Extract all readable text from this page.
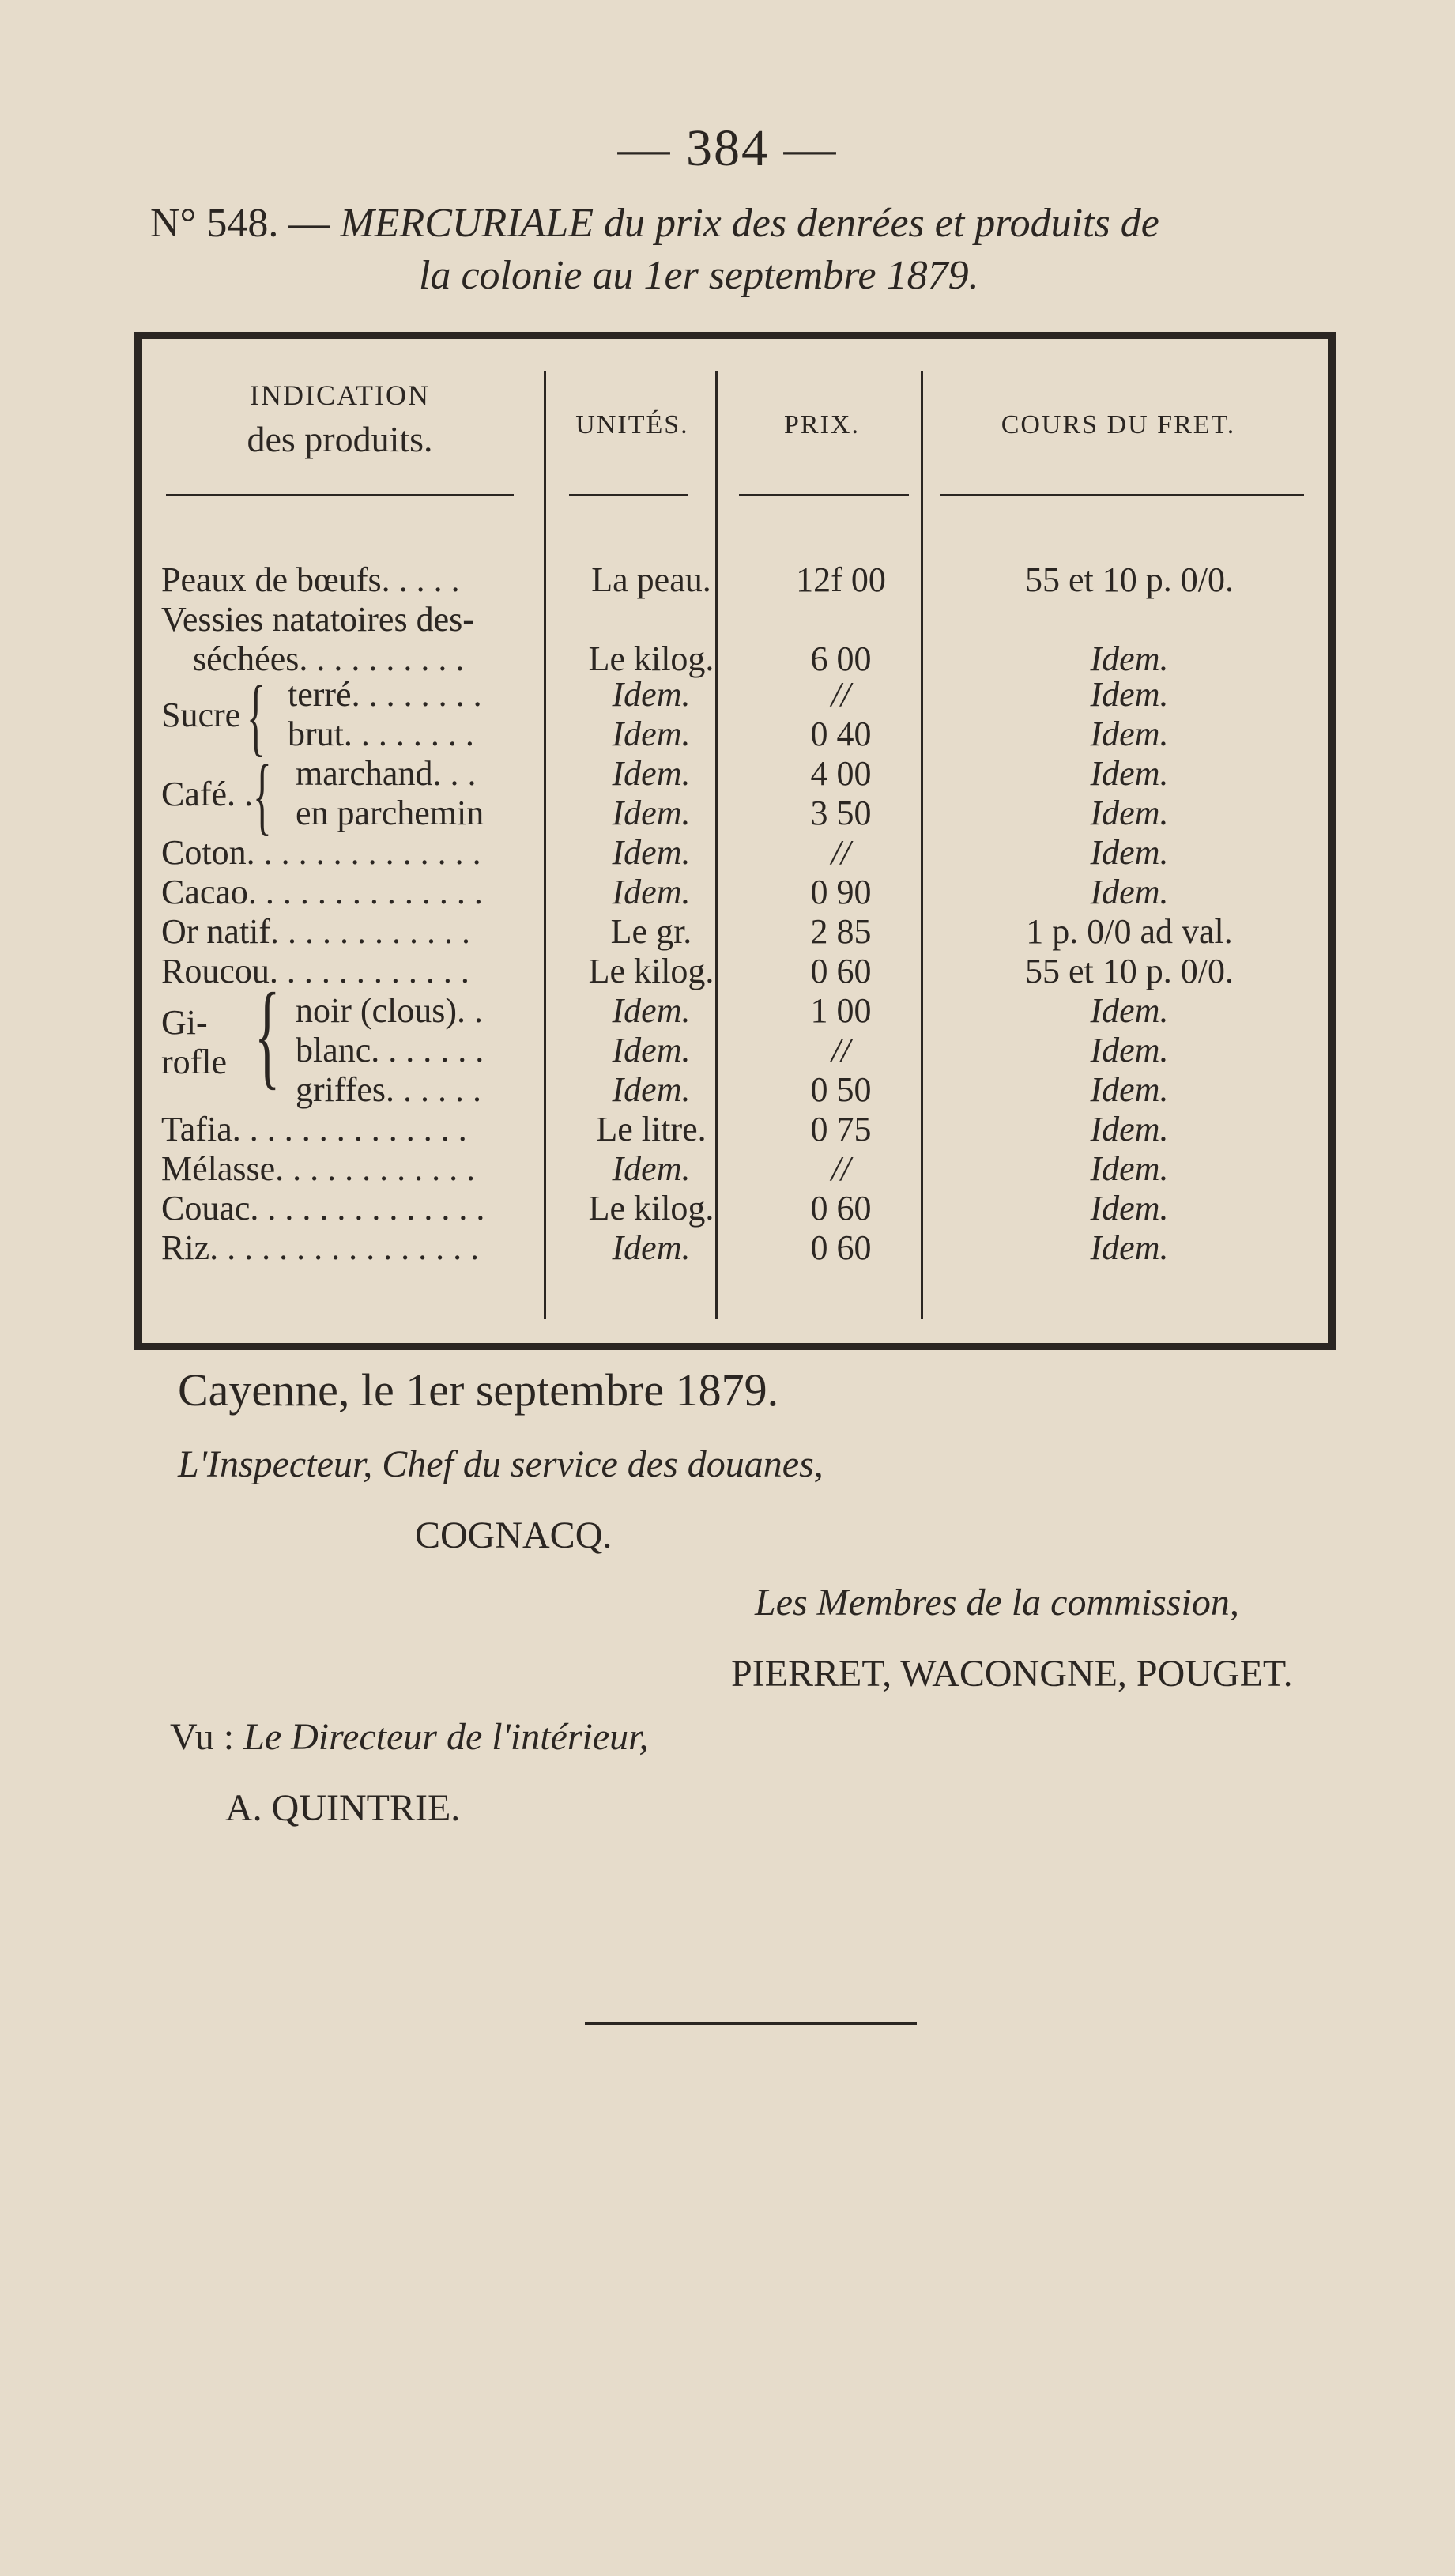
— 384 —
N° 548. — MERCURIALE du prix des denrées et produits de
la colonie au 1er septembre 1879.
INDICATION
des produits.	UNITÉS.	PRIX.	COURS DU FRET.
Peaux de bœufs. . . . .	La peau.	12f 00	55 et 10 p. 0/0.
Vessies natatoires des-
séchées. . . . . . . . . .	Le kilog.	6 00	Idem.
Sucre { terré. . . . . . . .	Idem.	//	Idem.
brut. . . . . . . .	Idem.	0 40	Idem.
Café. . { marchand. . .	Idem.	4 00	Idem.
en parchemin	Idem.	3 50	Idem.
Coton. . . . . . . . . . . . . .	Idem.	//	Idem.
Cacao. . . . . . . . . . . . . .	Idem.	0 90	Idem.
Or natif. . . . . . . . . . . .	Le gr.	2 85	1 p. 0/0 ad val.
Roucou. . . . . . . . . . . .	Le kilog.	0 60	55 et 10 p. 0/0.
Gi-
rofle { noir (clous). .	Idem.	1 00	Idem.
blanc. . . . . . .	Idem.	//	Idem.
griffes. . . . . .	Idem.	0 50	Idem.
Tafia. . . . . . . . . . . . . .	Le litre.	0 75	Idem.
Mélasse. . . . . . . . . . . .	Idem.	//	Idem.
Couac. . . . . . . . . . . . . .	Le kilog.	0 60	Idem.
Riz. . . . . . . . . . . . . . . .	Idem.	0 60	Idem.
Cayenne, le 1er septembre 1879.
L'Inspecteur, Chef du service des douanes,
COGNACQ.
Les Membres de la commission,
PIERRET, WACONGNE, POUGET.
Vu : Le Directeur de l'intérieur,
A. QUINTRIE.
